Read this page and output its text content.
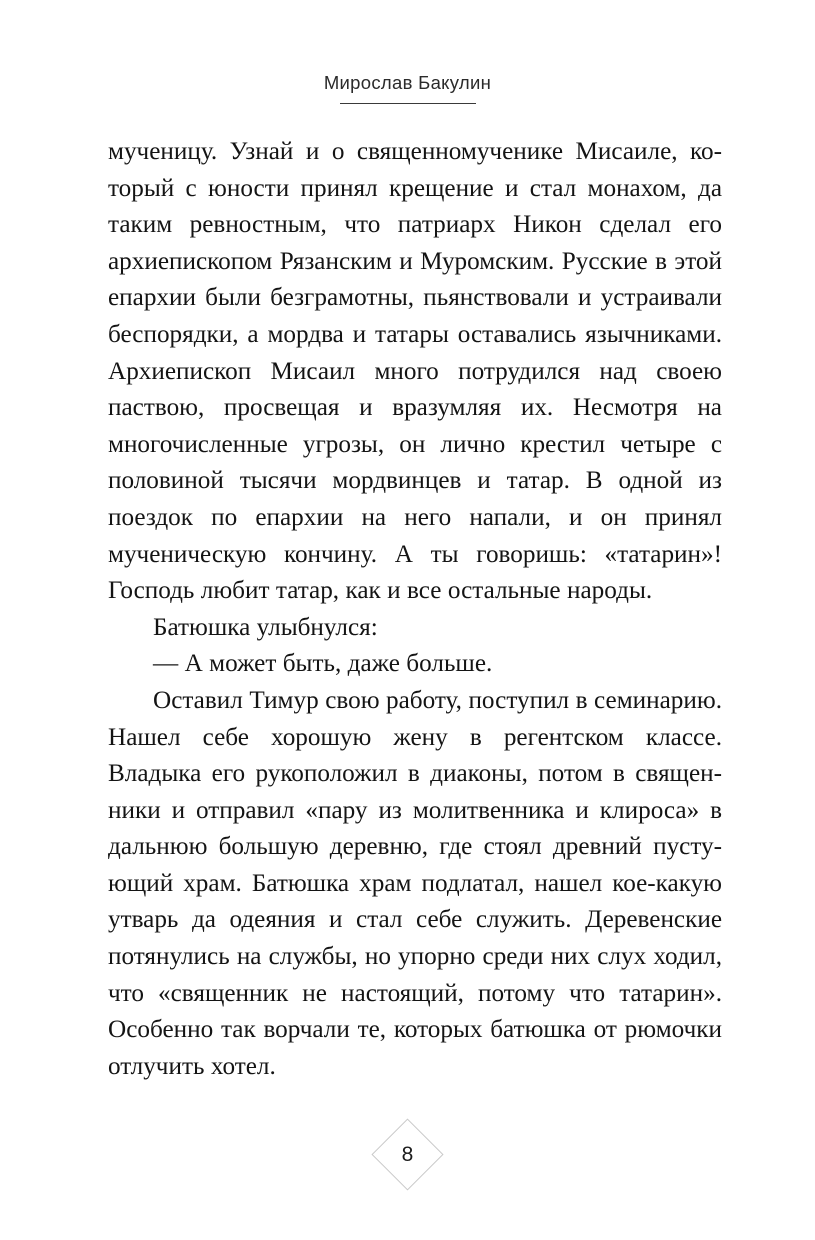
Мирослав Бакулин

мученицу. Узнай и о священномученике Мисаиле, который с юности принял крещение и стал монахом, да таким ревностным, что патриарх Никон сделал его архиепископом Рязанским и Муромским. Русские в этой епархии были безграмотны, пьянствовали и устраивали беспорядки, а мордва и татары оставались язычниками. Архиепископ Мисаил много потрудился над своею паствою, просвещая и вразумляя их. Несмотря на многочисленные угрозы, он лично крестил четыре с половиной тысячи мордвинцев и татар. В одной из поездок по епархии на него напали, и он принял мученическую кончину. А ты говоришь: «татарин»! Господь любит татар, как и все остальные народы.

Батюшка улыбнулся:

— А может быть, даже больше.

Оставил Тимур свою работу, поступил в семинарию. Нашел себе хорошую жену в регентском классе. Владыка его рукоположил в диаконы, потом в священники и отправил «пару из молитвенника и клироса» в дальнюю большую деревню, где стоял древний пустующий храм. Батюшка храм подлатал, нашел кое-какую утварь да одеяния и стал себе служить. Деревенские потянулись на службы, но упорно среди них слух ходил, что «священник не настоящий, потому что татарин». Особенно так ворчали те, которых батюшка от рюмочки отлучить хотел.

8
